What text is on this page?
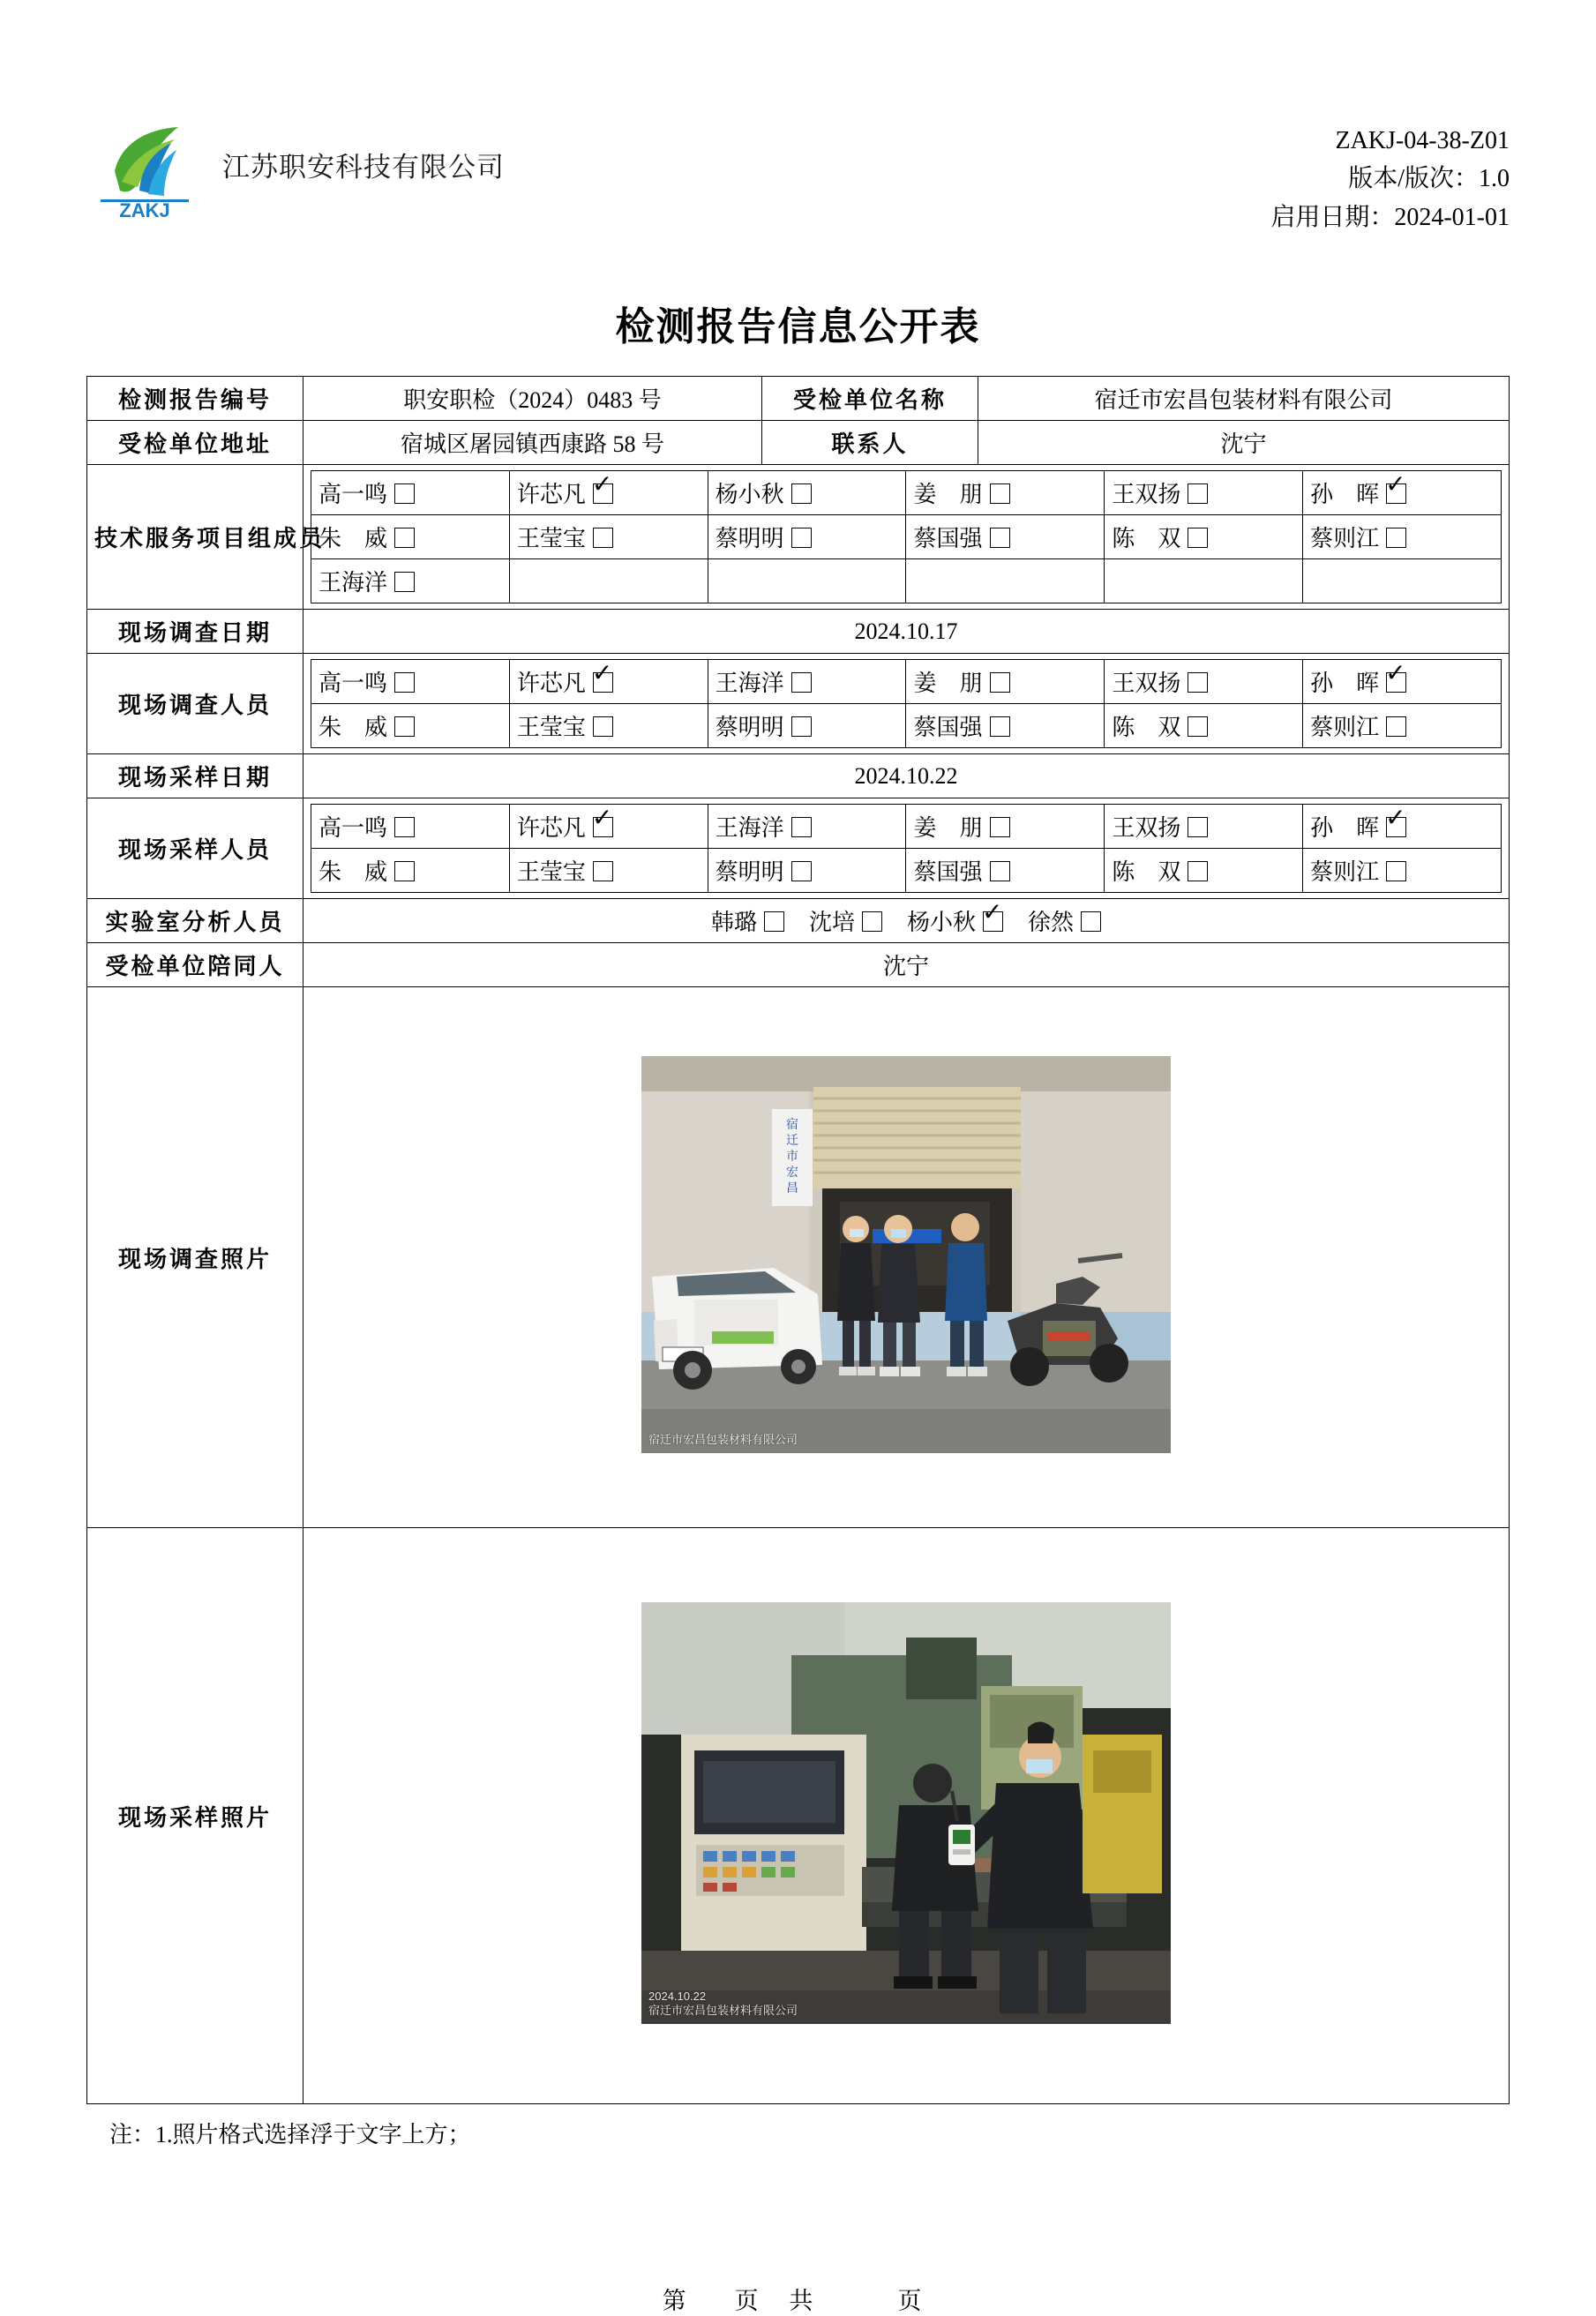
ZAKJ
江苏职安科技有限公司
ZAKJ-04-38-Z01
版本/版次：1.0
启用日期：2024-01-01
检测报告信息公开表
检测报告编号	职安职检（2024）0483 号	受检单位名称	宿迁市宏昌包装材料有限公司
受检单位地址	宿城区屠园镇西康路 58 号	联系人	沈宁
技术服务项目组成员	
高一鸣	许芯凡✓	杨小秋	姜　朋	王双扬	孙　晖✓
朱　威	王莹宝	蔡明明	蔡国强	陈　双	蔡则江
王海洋					

现场调查日期	2024.10.17
现场调查人员	
高一鸣	许芯凡✓	王海洋	姜　朋	王双扬	孙　晖✓
朱　威	王莹宝	蔡明明	蔡国强	陈　双	蔡则江

现场采样日期	2024.10.22
现场采样人员	
高一鸣	许芯凡✓	王海洋	姜　朋	王双扬	孙　晖✓
朱　威	王莹宝	蔡明明	蔡国强	陈　双	蔡则江

实验室分析人员	韩璐 沈培 杨小秋 ✓ 徐然

受检单位陪同人	沈宁
现场调查照片	
宿
迁
市
宏
昌
宿迁市宏昌包装材料有限公司

现场采样照片	
2024.10.22
宿迁市宏昌包装材料有限公司
注：1.照片格式选择浮于文字上方；
第　页 共　　页
